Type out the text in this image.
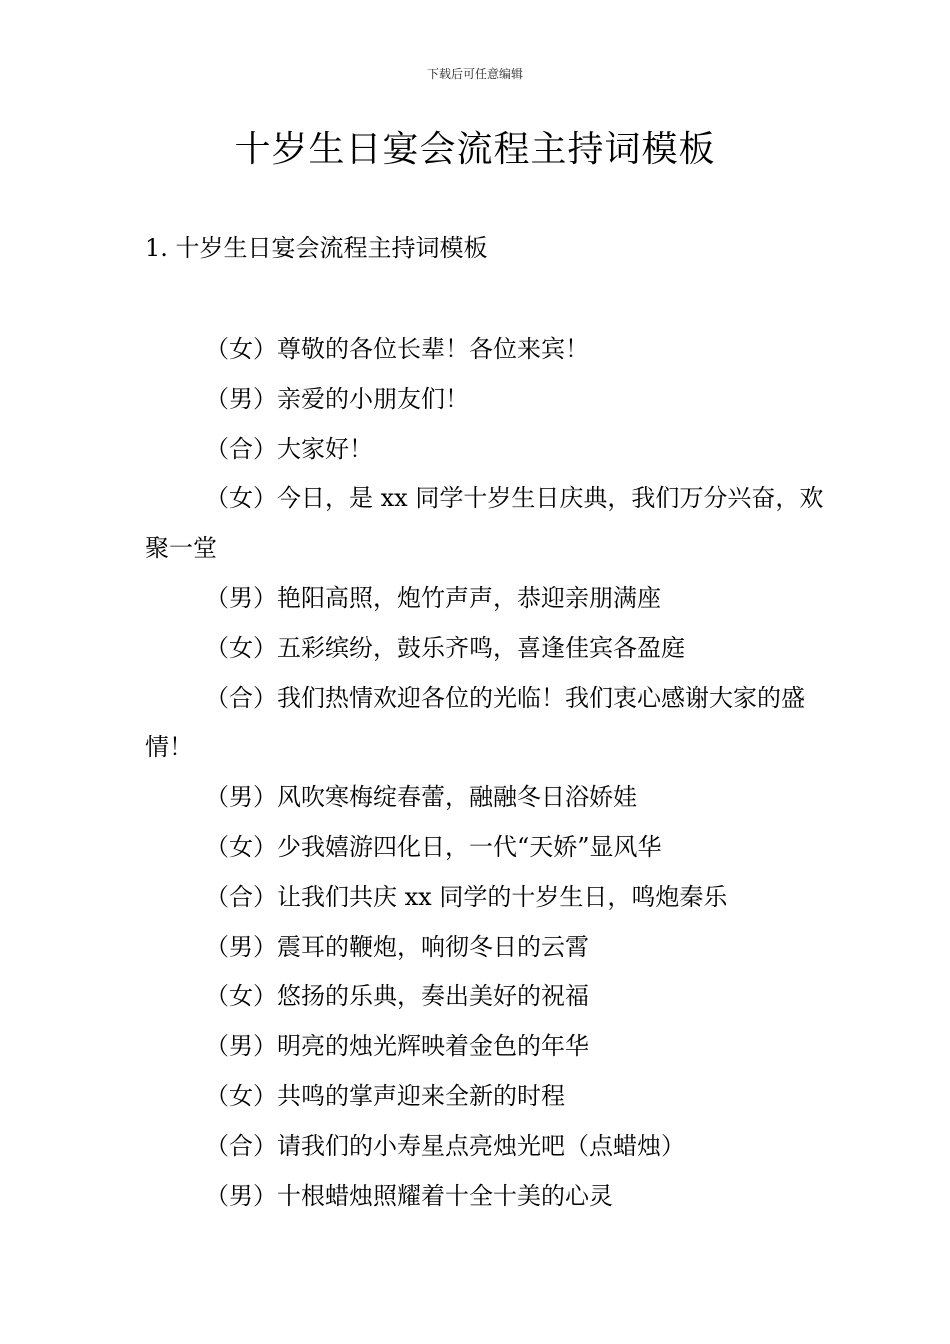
下载后可任意编辑
十岁生日宴会流程主持词模板
1. 十岁生日宴会流程主持词模板

（女）尊敬的各位长辈！各位来宾！

（男）亲爱的小朋友们！

（合）大家好！

（女）今日，是 xx 同学十岁生日庆典，我们万分兴奋，欢聚一堂

（男）艳阳高照，炮竹声声，恭迎亲朋满座

（女）五彩缤纷，鼓乐齐鸣，喜逢佳宾各盈庭

（合）我们热情欢迎各位的光临！我们衷心感谢大家的盛情！

（男）风吹寒梅绽春蕾，融融冬日浴娇娃

（女）少我嬉游四化日，一代“天娇”显风华

（合）让我们共庆 xx 同学的十岁生日，鸣炮秦乐

（男）震耳的鞭炮，响彻冬日的云霄

（女）悠扬的乐典，奏出美好的祝福

（男）明亮的烛光辉映着金色的年华

（女）共鸣的掌声迎来全新的时程

（合）请我们的小寿星点亮烛光吧（点蜡烛）

（男）十根蜡烛照耀着十全十美的心灵
